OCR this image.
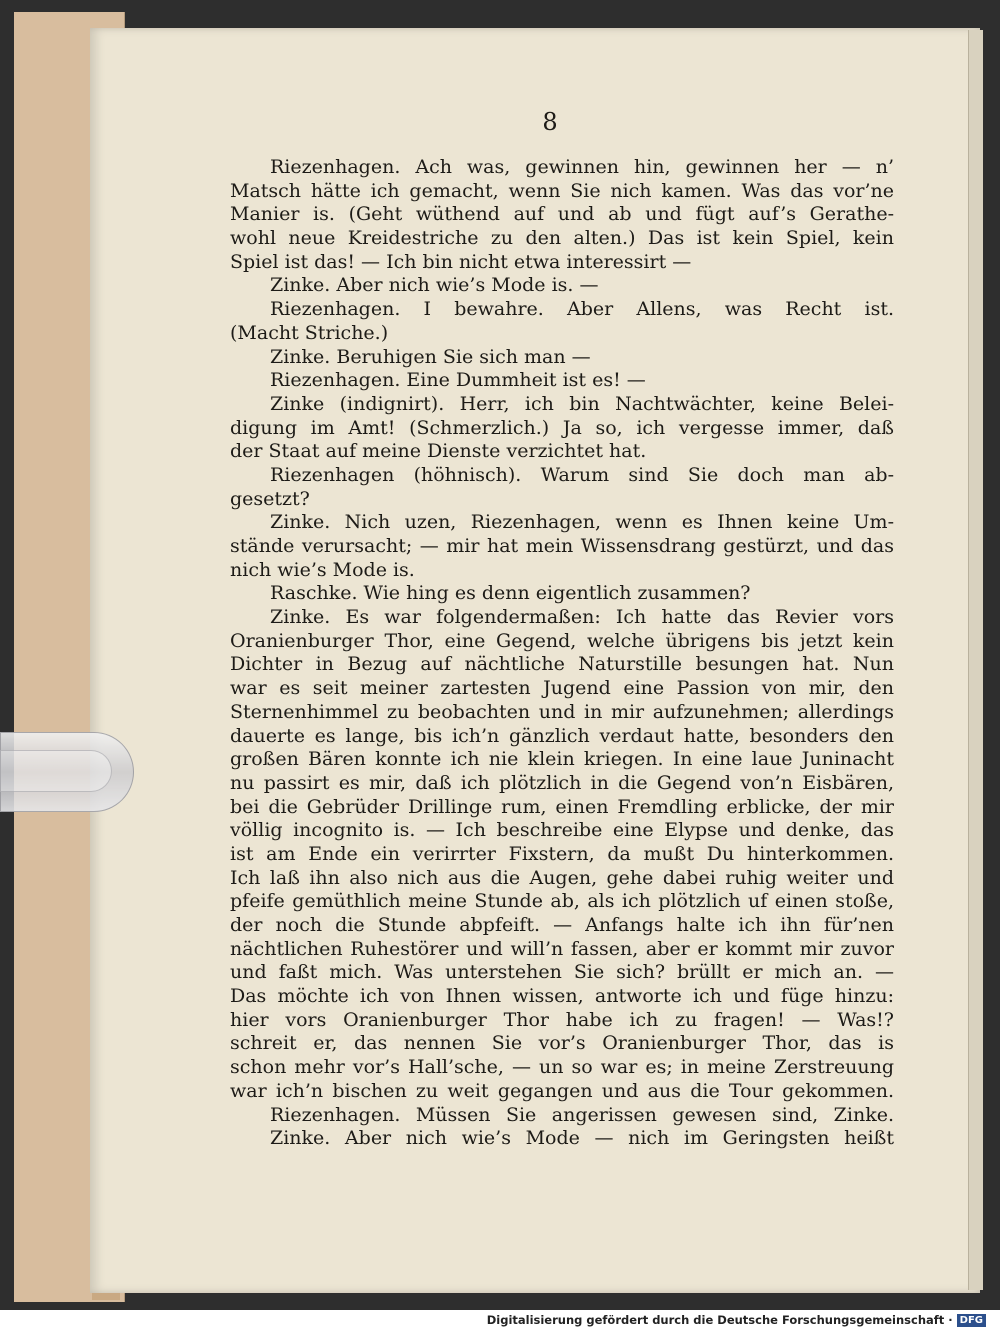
8
Riezenhagen. Ach was, gewinnen hin, gewinnen her — n’
Matsch hätte ich gemacht, wenn Sie nich kamen. Was das vor’ne
Manier is. (Geht wüthend auf und ab und fügt auf’s Gerathe-
wohl neue Kreidestriche zu den alten.) Das ist kein Spiel, kein
Spiel ist das! — Ich bin nicht etwa interessirt —
Zinke. Aber nich wie’s Mode is. —
Riezenhagen. I bewahre. Aber Allens, was Recht ist.
(Macht Striche.)
Zinke. Beruhigen Sie sich man —
Riezenhagen. Eine Dummheit ist es! —
Zinke (indignirt). Herr, ich bin Nachtwächter, keine Belei-
digung im Amt! (Schmerzlich.) Ja so, ich vergesse immer, daß
der Staat auf meine Dienste verzichtet hat.
Riezenhagen (höhnisch). Warum sind Sie doch man ab-
gesetzt?
Zinke. Nich uzen, Riezenhagen, wenn es Ihnen keine Um-
stände verursacht; — mir hat mein Wissensdrang gestürzt, und das
nich wie’s Mode is.
Raschke. Wie hing es denn eigentlich zusammen?
Zinke. Es war folgendermaßen: Ich hatte das Revier vors
Oranienburger Thor, eine Gegend, welche übrigens bis jetzt kein
Dichter in Bezug auf nächtliche Naturstille besungen hat. Nun
war es seit meiner zartesten Jugend eine Passion von mir, den
Sternenhimmel zu beobachten und in mir aufzunehmen; allerdings
dauerte es lange, bis ich’n gänzlich verdaut hatte, besonders den
großen Bären konnte ich nie klein kriegen. In eine laue Juninacht
nu passirt es mir, daß ich plötzlich in die Gegend von’n Eisbären,
bei die Gebrüder Drillinge rum, einen Fremdling erblicke, der mir
völlig incognito is. — Ich beschreibe eine Elypse und denke, das
ist am Ende ein verirrter Fixstern, da mußt Du hinterkommen.
Ich laß ihn also nich aus die Augen, gehe dabei ruhig weiter und
pfeife gemüthlich meine Stunde ab, als ich plötzlich uf einen stoße,
der noch die Stunde abpfeift. — Anfangs halte ich ihn für’nen
nächtlichen Ruhestörer und will’n fassen, aber er kommt mir zuvor
und faßt mich. Was unterstehen Sie sich? brüllt er mich an. —
Das möchte ich von Ihnen wissen, antworte ich und füge hinzu:
hier vors Oranienburger Thor habe ich zu fragen! — Was!?
schreit er, das nennen Sie vor’s Oranienburger Thor, das is
schon mehr vor’s Hall’sche, — un so war es; in meine Zerstreuung
war ich’n bischen zu weit gegangen und aus die Tour gekommen.
Riezenhagen. Müssen Sie angerissen gewesen sind, Zinke.
Zinke. Aber nich wie’s Mode — nich im Geringsten heißt
Digitalisierung gefördert durch die Deutsche Forschungsgemeinschaft · DFG
